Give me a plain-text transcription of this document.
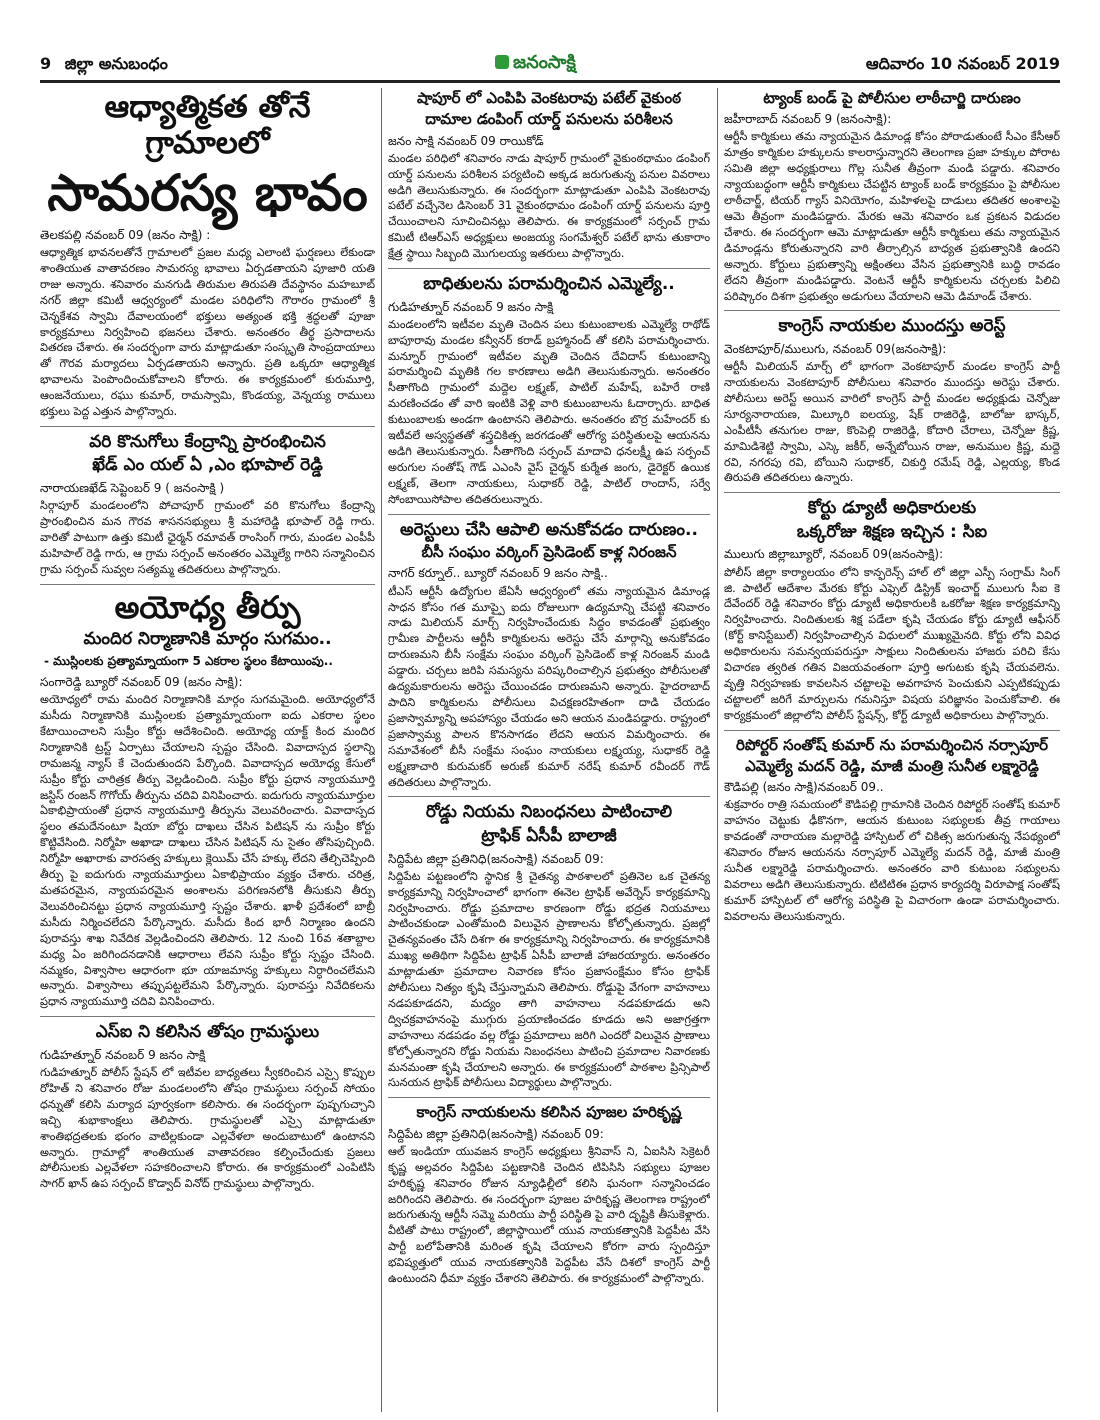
9 జిల్లా అనుబంధం	జనంసాక్షి	ఆదివారం 10 నవంబర్ 2019
ఆధ్యాత్మికత తోనే గ్రామాలలో
సామరస్య భావం

తెలకపల్లి నవంబర్ 09 (జనం సాక్షి) :

ఆధ్యాత్మిక భావనలతోనే గ్రామాలలో ప్రజల మధ్య ఎలాంటి ఘర్షణలు లేకుండా శాంతియుత వాతావరణం సామరస్య భావాలు ఏర్పడతాయని పూజారి యతి రాజు అన్నారు. శనివారం మనగుడి తిరుమల తిరుపతి దేవస్థానం మహబూబ్ నగర్ జిల్లా కమిటీ ఆధ్వర్యంలో మండల పరిధిలోని గౌరారం గ్రామంలో శ్రీ చెన్నకేశవ స్వామి దేవాలయంలో భక్తులు అత్యంత భక్తి శ్రద్ధలతో పూజా కార్యక్రమాలు నిర్వహించి భజనలు చేశారు. అనంతరం తీర్థ ప్రసాదాలను వితరణ చేశారు. ఈ సందర్భంగా వారు మాట్లాడుతూ సంస్కృతి సాంప్రదాయాలు తో గౌరవ మర్యాదలు ఏర్పడతాయని అన్నారు. ప్రతి ఒక్కరూ ఆధ్యాత్మిక భావాలను పెంపొందించుకోవాలని కోరారు. ఈ కార్యక్రమంలో కురుమూర్తి, ఆంజనేయులు, రఘు కుమార్, రామస్వామి, కొండయ్య, వెన్నయ్య రాములు భక్తులు పెద్ద ఎత్తున పాల్గొన్నారు.

వరి కొనుగోలు కేంద్రాన్ని ప్రారంభించిన
ఖేడ్ ఎం యల్ ఏ ,ఎం భూపాల్ రెడ్డి

నారాయణఖేడ్ సెప్టెంబర్ 9 ( జనంసాక్షి )

సిర్గాపూర్ మండలంలోని పోచాపూర్ గ్రామంలో వరి కొనుగోలు కేంద్రాన్ని ప్రారంభించిన మన గౌరవ శాసనసభ్యులు శ్రీ మహారెడ్డి భూపాల్ రెడ్డి గారు. వారితో పాటుగా ఉత్తు కమిటీ ఛైర్మన్ రమావత్ రాంసింగ్ గారు, మండల ఎంపీపీ మహిపాల్ రెడ్డి గారు, ఆ గ్రామ సర్పంచ్ అనంతరం ఎమ్మెల్యే గారిని సన్మానించిన గ్రామ సర్పంచ్ సువ్వల సత్యమ్మ తదితరులు పాల్గొన్నారు.

అయోధ్య తీర్పు
మందిర నిర్మాణానికి మార్గం సుగమం..

- ముస్లింలకు ప్రత్యామ్నాయంగా 5 ఎకరాల స్థలం కేటాయింపు..

సంగారెడ్డి బ్యూరో నవంబర్ 09 (జనం సాక్షి):

అయోధ్యలో రామ మందిర నిర్మాణానికి మార్గం సుగమమైంది. అయోధ్యలోనే మసీదు నిర్మాణానికి ముస్లింలకు ప్రత్యామ్నాయంగా ఐదు ఎకరాల స్థలం కేటాయించాలని సుప్రీం కోర్టు ఆదేశించింది. అయోధ్య యాక్ట్ కింద మందిర నిర్మాణానికి ట్రస్ట్ ఏర్పాటు చేయాలని స్పష్టం చేసింది. వివాదాస్పద స్థలాన్ని రామజన్మ న్యాస్ కే చెందుతుందని పేర్కొంది. వివాదాస్పద అయోధ్య కేసులో సుప్రీం కోర్టు చారిత్రక తీర్పు వెల్లడించింది. సుప్రీం కోర్టు ప్రధాన న్యాయమూర్తి జస్టిస్ రంజన్ గొగోయ్ తీర్పును చదివి వినిపించారు. ఐదుగురు న్యాయమూర్తుల ఏకాభిప్రాయంతో ప్రధాన న్యాయమూర్తి తీర్పును వెలువరించారు. వివాదాస్పద స్థలం తమదేనంటూ షియా బోర్డు దాఖలు చేసిన పిటిషన్ ను సుప్రీం కోర్టు కొట్టివేసింది. నిర్మోహి అఖాడా దాఖలు చేసిన పిటిషన్ ను సైతం తోసిపుచ్చింది. నిర్మోహి అఖారాకు వారసత్వ హక్కులు క్లెయిమ్ చేసే హక్కు లేదని తేల్చిచెప్పింది తీర్పు పై ఐదుగురు న్యాయమూర్తులు ఏకాభిప్రాయం వ్యక్తం చేశారు. చరిత్ర, మతపరమైన, న్యాయపరమైన అంశాలను పరిగణనలోకి తీసుకుని తీర్పు వెలువరించినట్టు ప్రధాన న్యాయమూర్తి స్పష్టం చేశారు. ఖాళీ ప్రదేశంలో బాబ్రీ మసీదు నిర్మించలేదని పేర్కొన్నారు. మసీదు కింద భారీ నిర్మాణం ఉందని పురావస్తు శాఖ నివేదిక వెల్లడించిందని తెలిపారు. 12 నుంచి 16వ శతాబ్దాల మధ్య ఏం జరిగిందనడానికి ఆధారాలు లేవని సుప్రీం కోర్టు స్పష్టం చేసింది. నమ్మకం, విశ్వాసాల ఆధారంగా భూ యాజమాన్య హక్కులు నిర్ధారించలేమని అన్నారు. విశ్వాసాలు తప్పుపట్టలేమని పేర్కొన్నారు. పురావస్తు నివేదికలను ప్రధాన న్యాయమూర్తి చదివి వినిపించారు.

ఎస్ఐ ని కలిసిన తోషం గ్రామస్థులు

గుడిహత్నూర్ నవంబర్ 9 జనం సాక్షి

గుడిహత్నూర్ పోలీస్ స్టేషన్ లో ఇటీవల బాధ్యతలు స్వీకరించిన ఎస్సై కొప్పుల రోహిత్ ని శనివారం రోజు మండలంలోని తోషం గ్రామస్థులు సర్పంచ్ సోయం ధన్నుతో కలిసి మర్యాద పూర్వకంగా కలిసారు. ఈ సందర్భంగా పుష్పగుచ్చాని ఇచ్చి శుభాకాంక్షలు తెలిపారు. గ్రామస్థులతో ఎస్సై మాట్లాడుతూ శాంతిభద్రతలకు భంగం వాటిల్లకుండా ఎల్లవేళలా అందుబాటులో ఉంటానని అన్నారు. గ్రామాల్లో శాంతియుత వాతావరణం కల్పించేందుకు ప్రజలు పోలీసులకు ఎల్లవేళలా సహకరించాలని కోరారు. ఈ కార్యక్రమంలో ఎంపిటిసి సాగర్ ఖాన్ ఉప సర్పంచ్ కొడ్వాద్ వినోద్ గ్రామస్థులు పాల్గొన్నారు.

షాపూర్ లో ఎంపిపి వెంకటరావు పటేల్ వైకుంఠ
దామాల డంపింగ్ యార్డ్ పనులను పరిశీలన

జనం సాక్షి నవంబర్ 09 రాయికోడ్

మండల పరిధిలో శనివారం నాడు షాపూర్ గ్రామంలో వైకుంఠధామం డంపింగ్ యార్డ్ పనులను పరిశీలన పర్యటించి అక్కడ జరుగుతున్న పనుల వివరాలు అడిగి తెలుసుకున్నారు. ఈ సందర్భంగా మాట్లాడుతూ ఎంపిపి వెంకటరావు పటేల్ వచ్చేనెల డిసెంబర్ 31 వైకుంఠధామం డంపింగ్ యార్డ్ పనులను పూర్తి చేయించాలని సూచించినట్లు తెలిపారు. ఈ కార్యక్రమంలో సర్పంచ్ గ్రామ కమిటీ టిఆర్ఎస్ అధ్యక్షులు అంజయ్య సంగమేశ్వర్ పటేల్ భాను తుకారాం క్షేత్ర స్థాయి సిబ్బంది మొగులయ్య ఇతరులు పాల్గొన్నారు.

బాధితులను పరామర్శించిన ఎమ్మెల్యే..

గుడిహత్నూర్ నవంబర్ 9 జనం సాక్షి

మండలంలోని ఇటీవల మృతి చెందిన పలు కుటుంబాలకు ఎమ్మెల్యే రాథోడ్ బాపూరావు మండల కన్వీనర్ కరాడ్ బ్రహ్మానంద్ తో కలిసి పరామర్శించారు. మన్నూర్ గ్రామంలో ఇటీవల మృతి చెందిన దేవిదాస్ కుటుంబాన్ని పరామర్శించి మృతికి గల కారణాలు అడిగి తెలుసుకున్నారు. అనంతరం సీతాగొంది గ్రామంలో మద్దెల లక్ష్మణ్, పాటిల్ మహేష్, బహిరే రాణి మరణించడం తో వారి ఇంటికి వెళ్లి వారి కుటుంబాలను ఓదార్చారు. బాధిత కుటుంబాలకు అండగా ఉంటానని తెలిపారు. అనంతరం బొర్ర మహేందర్ కు ఇటీవలే అస్వస్థతతో శస్త్రచికిత్స జరగడంతో ఆరోగ్య పరిస్థితులపై ఆయనను అడిగి తెలుసుకున్నారు. సీతాగొంది సర్పంచ్ మాదావి ధనలక్ష్మీ ఉప సర్పంచ్ అరుగుల సంతోష్ గౌడ్ ఎఎంసి వైస్ చైర్మన్ కుర్మేత జంగు, డైరెక్టర్ ఉయిక లక్ష్మణ్, తెలగా నాయకులు, సుధాకర్ రెడ్డి, పాటిల్ రాందాస్, సర్వే సోంబాయిసోపాల తదితరులున్నారు.

అరెస్టులు చేసి ఆపాలి అనుకోవడం దారుణం..
బీసీ సంఘం వర్కింగ్ ప్రెసిడెంట్ కాళ్ల నిరంజన్

నాగర్ కర్నూల్.. బ్యూరో నవంబర్ 9 జనం సాక్షి..

టీఎస్ ఆర్టీసీ ఉద్యోగుల జేఏసీ ఆధ్వర్యంలో తమ న్యాయమైన డిమాండ్ల సాధన కోసం గత మూప్పై ఐదు రోజులుగా ఉద్యమాన్ని చేపట్టి శనివారం నాడు మిలియన్ మార్చ్ నిర్వహించేందుకు సిద్ధం కావడంతో ప్రభుత్వం గ్రామీణ పార్టీలను ఆర్టీసీ కార్మికులను అరెస్టు చేసే మార్గాన్ని అనుకోవడం దారుణమని బీసీ సంక్షేమ సంఘం వర్కింగ్ ప్రెసిడెంట్ కాళ్ల నిరంజన్ మండి పడ్డారు. చర్చలు జరిపి సమస్యను పరిష్కరించాల్సిన ప్రభుత్వం పోలీసులతో ఉద్యమకారులను అరెస్టు చేయించడం దారుణమని అన్నారు. హైదరాబాద్ పాదిని కార్మికులను పోలీసులు విచక్షణరహితంగా దాడి చేయడం ప్రజాస్వామ్యాన్ని అపహాస్యం చేయడం అని ఆయన మండిపడ్డారు. రాష్ట్రంలో ప్రజాస్వామ్య పాలన కొనసాగడం లేదని ఆయన విమర్శించారు. ఈ సమావేశంలో బీసీ సంక్షేమ సంఘం నాయకులు లక్ష్మయ్య, సుధాకర్ రెడ్డి లక్ష్మణాచారి కురుమకర్ అరుణ్ కుమార్ నరేష్ కుమార్ రవీందర్ గౌడ్ తదితరులు పాల్గొన్నారు.

రోడ్డు నియమ నిబంధనలు పాటించాలి
ట్రాఫిక్ ఏసీపీ బాలాజీ

సిద్దిపేట జిల్లా ప్రతినిధి(జనంసాక్షి) నవంబర్ 09:

సిద్దిపేట పట్టణంలోని స్థానిక శ్రీ చైతన్య పాఠశాలలో ప్రతినెల ఒక చైతన్య కార్యక్రమాన్ని నిర్వహించాలో భాగంగా ఈనెల ట్రాఫిక్ అవేర్నెస్ కార్యక్రమాన్ని నిర్వహించారు. రోడ్డు ప్రమాదాల కారణంగా రోడ్డు భద్రత నియమాలు పాటించకుండా ఎంతోమంది విలువైన ప్రాణాలను కోల్పోతున్నారు. ప్రజల్లో చైతన్యవంతం చేసే దిశగా ఈ కార్యక్రమాన్ని నిర్వహించారు. ఈ కార్యక్రమానికి ముఖ్య అతిథిగా సిద్దిపేట ట్రాఫిక్ ఏసీపీ బాలాజీ హాజరయ్యారు. అనంతరం మాట్లాడుతూ ప్రమాదాల నివారణ కోసం ప్రజాసంక్షేమం కోసం ట్రాఫిక్ పోలీసులు నిత్యం కృషి చేస్తున్నామని తెలిపారు. రోడ్డుపై వేగంగా వాహనాలు నడపకూడదని, మద్యం తాగి వాహనాలు నడపకూడదు అని ద్విచక్రవాహనంపై ముగ్గురు ప్రయాణించడం కూడదు అని అజాగ్రత్తగా వాహనాలు నడపడం వల్ల రోడ్డు ప్రమాదాలు జరిగి ఎందరో విలువైన ప్రాణాలు కోల్పోతున్నారని రోడ్డు నియమ నిబంధనలు పాటించి ప్రమాదాల నివారణకు మనమంతా కృషి చేయాలని అన్నారు. ఈ కార్యక్రమంలో పాఠశాల ప్రిన్సిపాల్ సునయన ట్రాఫిక్ పోలీసులు విద్యార్థులు పాల్గొన్నారు.

కాంగ్రెస్ నాయకులను కలిసిన పూజల హరికృష్ణ

సిద్దిపేట జిల్లా ప్రతినిధి(జనంసాక్షి) నవంబర్ 09:

ఆల్ ఇండియా యువజన కాంగ్రెస్ అధ్యక్షులు శ్రీనివాస్ ని, ఏఐసిసి సెక్రెటరీ కృష్ణ అల్లవరం సిద్దిపేట పట్టణానికి చెందిన టిపిసిసి సభ్యులు పూజల హరికృష్ణ శనివారం రోజున న్యూఢిల్లీలో కలిసి ఘనంగా సన్మానించడం జరిగిందని తెలిపారు. ఈ సందర్భంగా పూజల హరికృష్ణ తెలంగాణ రాష్ట్రంలో జరుగుతున్న ఆర్టీసీ సమ్మె మరియు పార్టీ పరిస్థితి పై వారి దృష్టికి తీసుకెళ్లారు. వీటితో పాటు రాష్ట్రంలో, జిల్లాస్థాయిలో యువ నాయకత్వానికి పెద్దపీట వేసి పార్టీ బలోపేతానికి మరింత కృషి చేయాలని కోరగా వారు స్పందిస్తూ భవిష్యత్తులో యువ నాయకత్వానికి పెద్దపీట వేసే దిశలో కాంగ్రెస్ పార్టీ ఉంటుందని ధీమా వ్యక్తం చేశారని తెలిపారు. ఈ కార్యక్రమంలో పాల్గొన్నారు.

ట్యాంక్ బండ్ పై పోలీసుల లాఠీచార్జి దారుణం

జహీరాబాద్ నవంబర్ 9 (జనంసాక్షి):

ఆర్టీసీ కార్మికులు తమ న్యాయమైన డిమాండ్ల కోసం పోరాడుతుంటే సీఎం కేసీఆర్ మాత్రం కార్మికుల హక్కులను కాలరాస్తున్నారని తెలంగాణ ప్రజా హక్కుల పోరాట సమితి జిల్లా అధ్యక్షురాలు గొల్ల సునీత తీవ్రంగా మండి పడ్డారు. శనివారం న్యాయబద్ధంగా ఆర్టీసీ కార్మికులు చేపట్టిన ట్యాంక్ బండ్ కార్యక్రమం పై పోలీసుల లాఠీచార్జ్, టియర్ గ్యాస్ వినియోగం, మహిళలపై దాడులు తదితర అంశాలపై ఆమె తీవ్రంగా మండిపడ్డారు. మేరకు ఆమె శనివారం ఒక ప్రకటన విడుదల చేశారు. ఈ సందర్భంగా ఆమె మాట్లాడుతూ ఆర్టీసీ కార్మికులు తమ న్యాయమైన డిమాండ్లను కోరుతున్నారని వారి తీర్చాల్సిన బాధ్యత ప్రభుత్వానికి ఉందని అన్నారు. కోర్టులు ప్రభుత్వాన్ని అక్షింతలు వేసిన ప్రభుత్వానికి బుద్ధి రావడం లేదని తీవ్రంగా మండిపడ్డారు. వెంటనే ఆర్టీసీ కార్మికులను చర్చలకు పిలిచి పరిష్కారం దిశగా ప్రభుత్వం అడుగులు వేయాలని ఆమె డిమాండ్ చేశారు.

కాంగ్రెస్ నాయకుల ముందస్తు అరెస్ట్

వెంకటాపూర్/ములుగు, నవంబర్ 09(జనంసాక్షి):

ఆర్టీసీ మిలియన్ మార్చ్ లో భాగంగా వెంకటాపూర్ మండల కాంగ్రెస్ పార్టీ నాయకులను వెంకటాపూర్ పోలీసులు శనివారం ముందస్తు అరెస్టు చేశారు. పోలీసులు అరెస్ట్ అయిన వారిలో కాంగ్రెస్ పార్టీ మండల అధ్యక్షుడు చెన్నోజు సూర్యనారాయణ, మిల్కూరి ఐలయ్య, షేక్ రాజిరెడ్డి, బాలోజు భాస్కర్, ఎంపీటీసీ తనుగుల రాజు, కొంపెల్లి రాజిరెడ్డి, కోదారి చేరాలు, చెన్నోజు క్రిష్ణ, మామిడిశెట్టి స్వామి, ఎస్కె జకీర్, అన్నేబోయిన రాజు, అనుముల క్రిష్ణ, మద్దె రవి, నగరపు రవి, బోయిని సుధాకర్, చికుర్తి రమేష్ రెడ్డి, ఎల్లయ్య, కొండ తిరుపతి తదితరులు ఉన్నారు.

కోర్టు డ్యూటీ అధికారులకు
ఒక్కరోజు శిక్షణ ఇచ్చిన : సిఐ

ములుగు జిల్లాబ్యూరో, నవంబర్ 09(జనంసాక్షి):

పోలీస్ జిల్లా కార్యాలయం లోని కాన్ఫరెన్స్ హాల్ లో జిల్లా ఎస్పీ సంగ్రామ్ సింగ్ జి. పాటిల్ ఆదేశాల మేరకు కోర్టు ఎఫ్సెల్ డిస్ట్రిక్ ఇంచార్జ్ ములుగు సీఐ కె దేవేందర్ రెడ్డి శనివారం కోర్టు డ్యూటీ అధికారులకి ఒకరోజు శిక్షణ కార్యక్రమాన్ని నిర్వహించారు. నిందితులకు శిక్ష పడేలా కృషి చేయడం కోర్టు డ్యూటీ ఆఫీసర్ (కోర్ట్ కానిస్టేబుల్) నిర్వహించాల్సిన విధులలో ముఖ్యమైనది. కోర్టు లోని వివిధ అధికారులను సమన్వయపరుస్తూ సాక్షులు నిందితులను హాజరు పరిచి కేసు విచారణ త్వరిత గతిన విజయవంతంగా పూర్తి అగుటకు కృషి చేయవలెను. వృత్తి నిర్వహణకు కావలసిన చట్టాలపై అవగాహన పెంచుకుని ఎప్పటికప్పుడు చట్టాలలో జరిగే మార్పులను గమనిస్తూ విషయ పరిజ్ఞానం పెంచుకోవాలి. ఈ కార్యక్రమంలో జిల్లాలోని పోలీస్ స్టేషన్స్, కోర్ట్ డ్యూటీ అధికారులు పాల్గొన్నారు.

రిపోర్టర్ సంతోష్ కుమార్ ను పరామర్శించిన నర్సాపూర్
ఎమ్మెల్యే మదన్ రెడ్డి, మాజీ మంత్రి సునీత లక్ష్మారెడ్డి

కౌడిపల్లి (జనం సాక్షి)నవంబర్ 09..

శుక్రవారం రాత్రి సమయంలో కౌడిపల్లి గ్రామానికి చెందిన రిపోర్టర్ సంతోష్ కుమార్ వాహనం చెట్టుకు ఢీకొనగా, ఆయన కుటుంబ సభ్యులకు తీవ్ర గాయాలు కావడంతో నారాయణ మల్లారెడ్డి హాస్పిటల్ లో చికిత్స జరుగుతున్న నేపథ్యంలో శనివారం రోజున ఆయనను నర్సాపూర్ ఎమ్మెల్యే మదన్ రెడ్డి, మాజీ మంత్రి సునీత లక్ష్మారెడ్డి పరామర్శించారు. అనంతరం వారి కుటుంబ సభ్యులను వివరాలు అడిగి తెలుసుకున్నారు. టిటిటిఈ ప్రధాన కార్యదర్శి విరూపాక్ష సంతోష్ కుమార్ హాస్పిటల్ లో ఆరోగ్య పరిస్థితి పై విచారంగా ఉండా పరామర్శించారు. వివరాలను తెలుసుకున్నారు.
